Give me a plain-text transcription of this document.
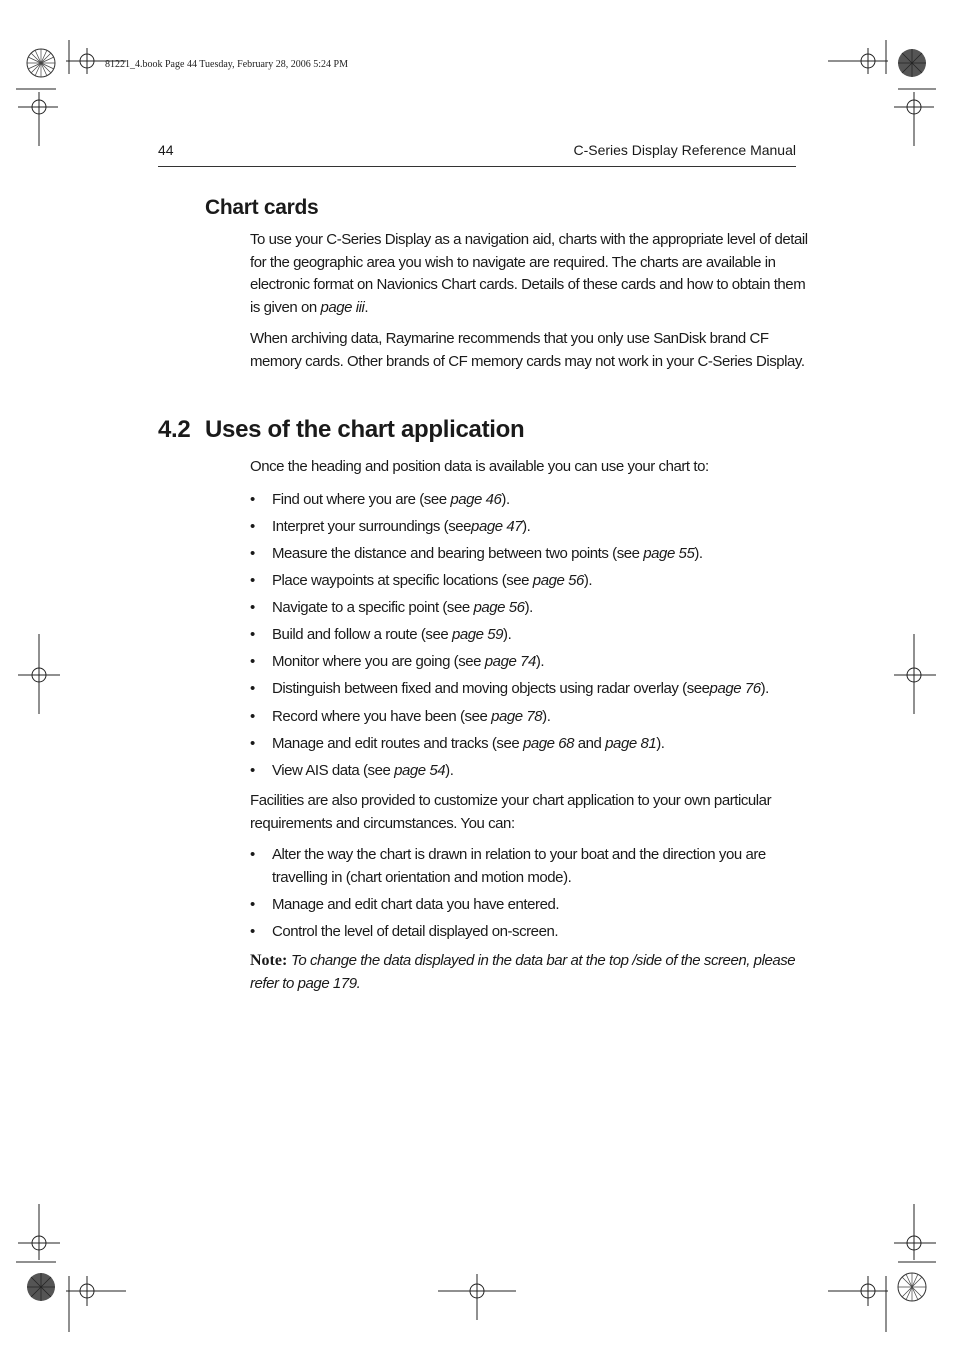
81221_4.book Page 44 Tuesday, February 28, 2006 5:24 PM
44	C-Series Display Reference Manual
Chart cards

To use your C-Series Display as a navigation aid, charts with the appropriate level of detail for the geographic area you wish to navigate are required. The charts are available in electronic format on Navionics Chart cards. Details of these cards and how to obtain them is given on page iii.

When archiving data, Raymarine recommends that you only use SanDisk brand CF memory cards. Other brands of CF memory cards may not work in your C-Series Display.

4.2 Uses of the chart application

Once the heading and position data is available you can use your chart to:

• Find out where you are (see page 46).
• Interpret your surroundings (seepage 47).
• Measure the distance and bearing between two points (see page 55).
• Place waypoints at specific locations (see page 56).
• Navigate to a specific point (see page 56).
• Build and follow a route (see page 59).
• Monitor where you are going (see page 74).
• Distinguish between fixed and moving objects using radar overlay (seepage 76).
• Record where you have been (see page 78).
• Manage and edit routes and tracks (see page 68 and page 81).
• View AIS data (see page 54).

Facilities are also provided to customize your chart application to your own particular requirements and circumstances. You can:

• Alter the way the chart is drawn in relation to your boat and the direction you are travelling in (chart orientation and motion mode).
• Manage and edit chart data you have entered.
• Control the level of detail displayed on-screen.

Note: To change the data displayed in the data bar at the top /side of the screen, please refer to page 179.
